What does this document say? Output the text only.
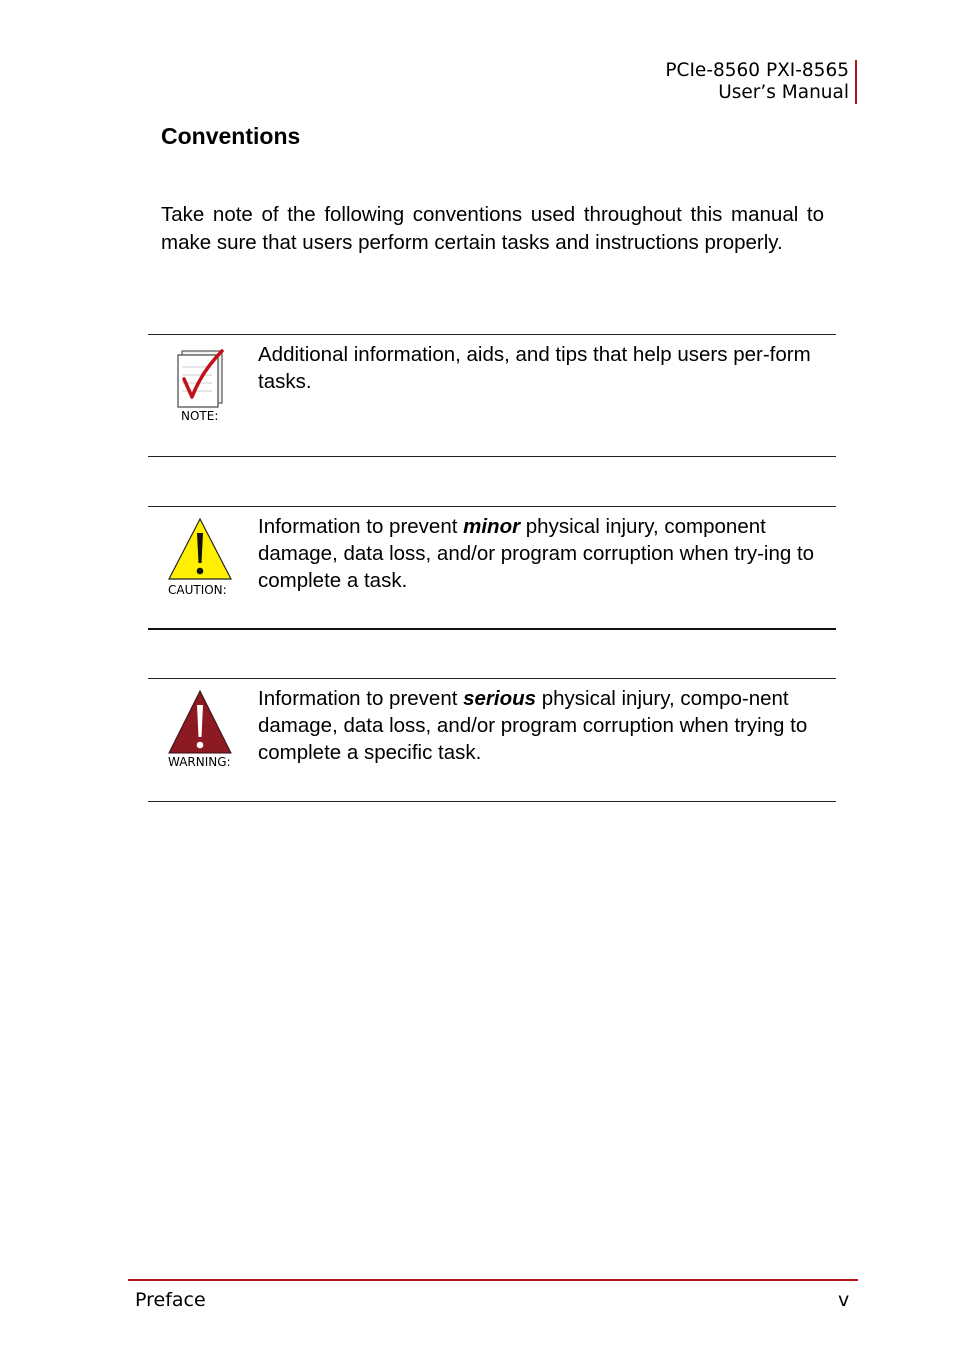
PCIe-8560 PXI-8565
User’s Manual
Conventions

Take note of the following conventions used throughout this manual to make sure that users perform certain tasks and instructions properly.

NOTE:

Additional information, aids, and tips that help users per-form tasks.

CAUTION:

Information to prevent minor physical injury, component damage, data loss, and/or program corruption when try-ing to complete a task.

WARNING:

Information to prevent serious physical injury, compo-nent damage, data loss, and/or program corruption when trying to complete a specific task.

Preface	v
